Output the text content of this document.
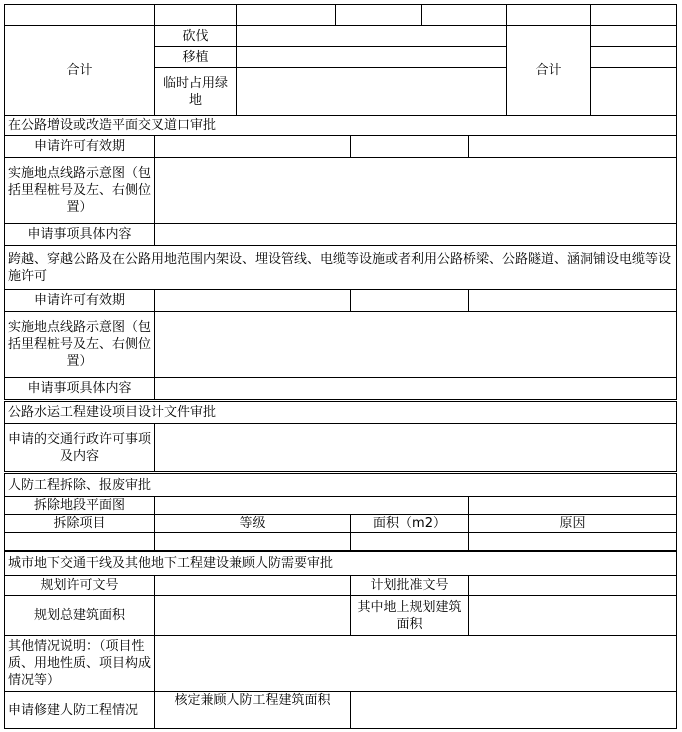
合计	砍伐				合计	
	移植					
	临时占用绿地					
在公路增设或改造平面交叉道口审批			
申请许可有效期			
实施地点线路示意图（包括里程桩号及左、右侧位置）			
申请事项具体内容			
跨越、穿越公路及在公路用地范围内架设、埋设管线、电缆等设施或者利用公路桥梁、公路隧道、涵洞铺设电缆等设施许可			
申请许可有效期			
实施地点线路示意图（包括里程桩号及左、右侧位置）			
申请事项具体内容			
公路水运工程建设项目设计文件审批
申请的交通行政许可事项及内容	
人防工程拆除、报废审批			
拆除地段平面图			
拆除项目	等级	面积（m2）	原因

城市地下交通干线及其他地下工程建设兼顾人防需要审批			
规划许可文号		计划批准文号	
规划总建筑面积		其中地上规划建筑面积	
其他情况说明：（项目性质、用地性质、项目构成情况等）			
申请修建人防工程情况	核定兼顾人防工程建筑面积		
